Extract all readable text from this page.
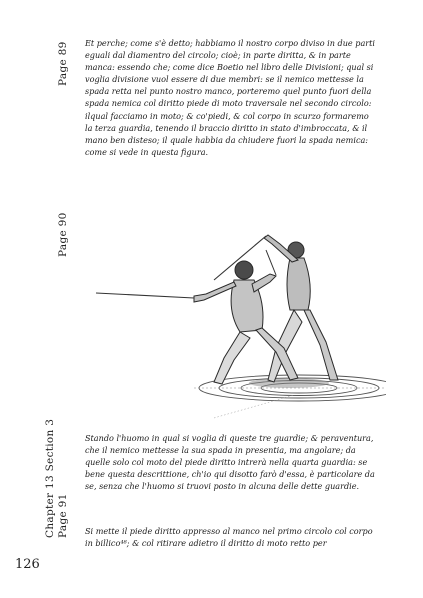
Page 89
Page 90
Chapter 13 Section 3 Page 91
Et perche; come s'è detto; habbiamo il nostro corpo diviso in due parti eguali dal diamentro del circolo; cioè; in parte diritta, & in parte manca: essendo che; come dice Boetio nel libro delle Divisioni; qual si voglia divisione vuol essere di due membri: se il nemico mettesse la spada retta nel punto nostro manco, porteremo quel punto fuori della spada nemica col diritto piede di moto traversale nel secondo circolo: ilqual facciamo in moto; & co'piedi, & col corpo in scurzo formaremo la terza guardia, tenendo il braccio diritto in stato d'imbroccata, & il mano ben disteso; il quale habbia da chiudere fuori la spada nemica: come si vede in questa figura.
Stando l'huomo in qual si voglia di queste tre guardie; & peraventura, che il nemico mettesse la sua spada in presentia, ma angolare; da quelle solo col moto del piede diritto intrerà nella quarta guardia: se bene questa descrittione, ch'io qui disotto farò d'essa, è particolare da se, senza che l'huomo si truovi posto in alcuna delle dette guardie.
Si mette il piede diritto appresso al manco nel primo circolo col corpo in billico⁴⁸; & col ritirare adietro il diritto di moto retto per
126
